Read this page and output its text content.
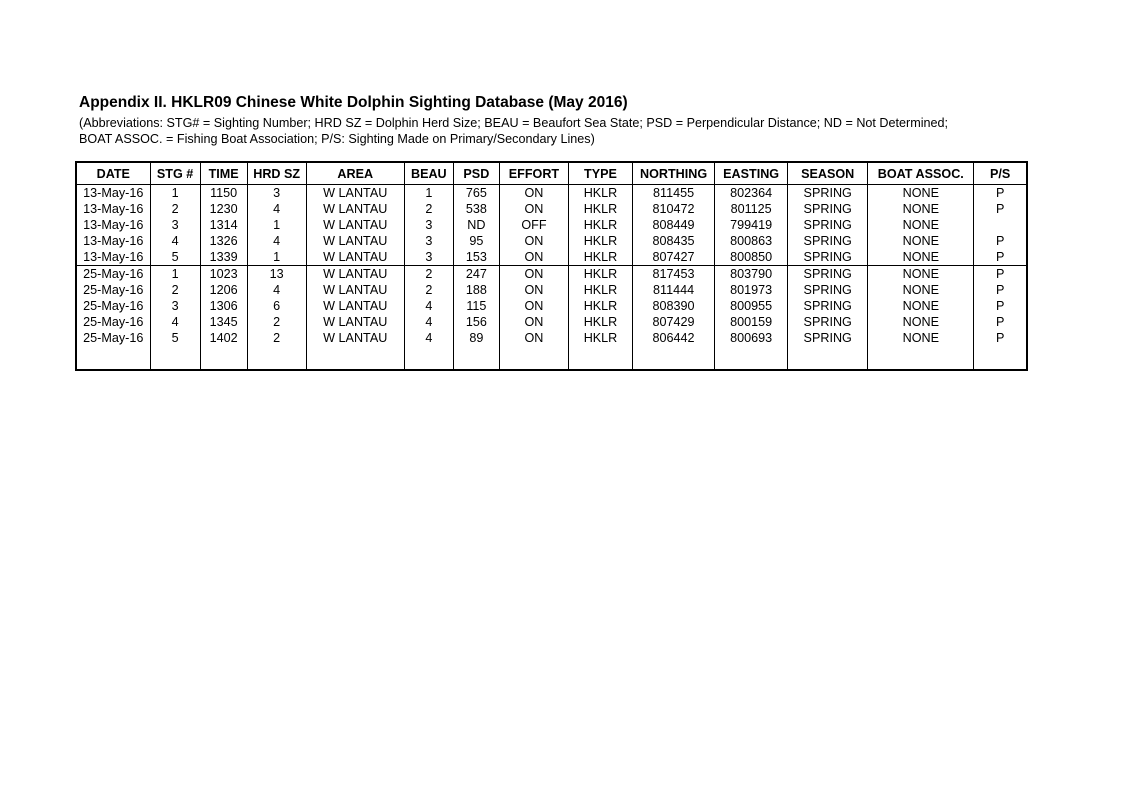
Appendix II. HKLR09 Chinese White Dolphin Sighting Database (May 2016)
(Abbreviations: STG# = Sighting Number; HRD SZ = Dolphin Herd Size; BEAU = Beaufort Sea State; PSD = Perpendicular Distance; ND = Not Determined;
BOAT ASSOC. = Fishing Boat Association; P/S: Sighting Made on Primary/Secondary Lines)
DATE	STG #	TIME	HRD SZ	AREA	BEAU	PSD	EFFORT	TYPE	NORTHING	EASTING	SEASON	BOAT ASSOC.	P/S
13-May-16	1	1150	3	W LANTAU	1	765	ON	HKLR	811455	802364	SPRING	NONE	P
13-May-16	2	1230	4	W LANTAU	2	538	ON	HKLR	810472	801125	SPRING	NONE	P
13-May-16	3	1314	1	W LANTAU	3	ND	OFF	HKLR	808449	799419	SPRING	NONE	
13-May-16	4	1326	4	W LANTAU	3	95	ON	HKLR	808435	800863	SPRING	NONE	P
13-May-16	5	1339	1	W LANTAU	3	153	ON	HKLR	807427	800850	SPRING	NONE	P
25-May-16	1	1023	13	W LANTAU	2	247	ON	HKLR	817453	803790	SPRING	NONE	P
25-May-16	2	1206	4	W LANTAU	2	188	ON	HKLR	811444	801973	SPRING	NONE	P
25-May-16	3	1306	6	W LANTAU	4	115	ON	HKLR	808390	800955	SPRING	NONE	P
25-May-16	4	1345	2	W LANTAU	4	156	ON	HKLR	807429	800159	SPRING	NONE	P
25-May-16	5	1402	2	W LANTAU	4	89	ON	HKLR	806442	800693	SPRING	NONE	P
